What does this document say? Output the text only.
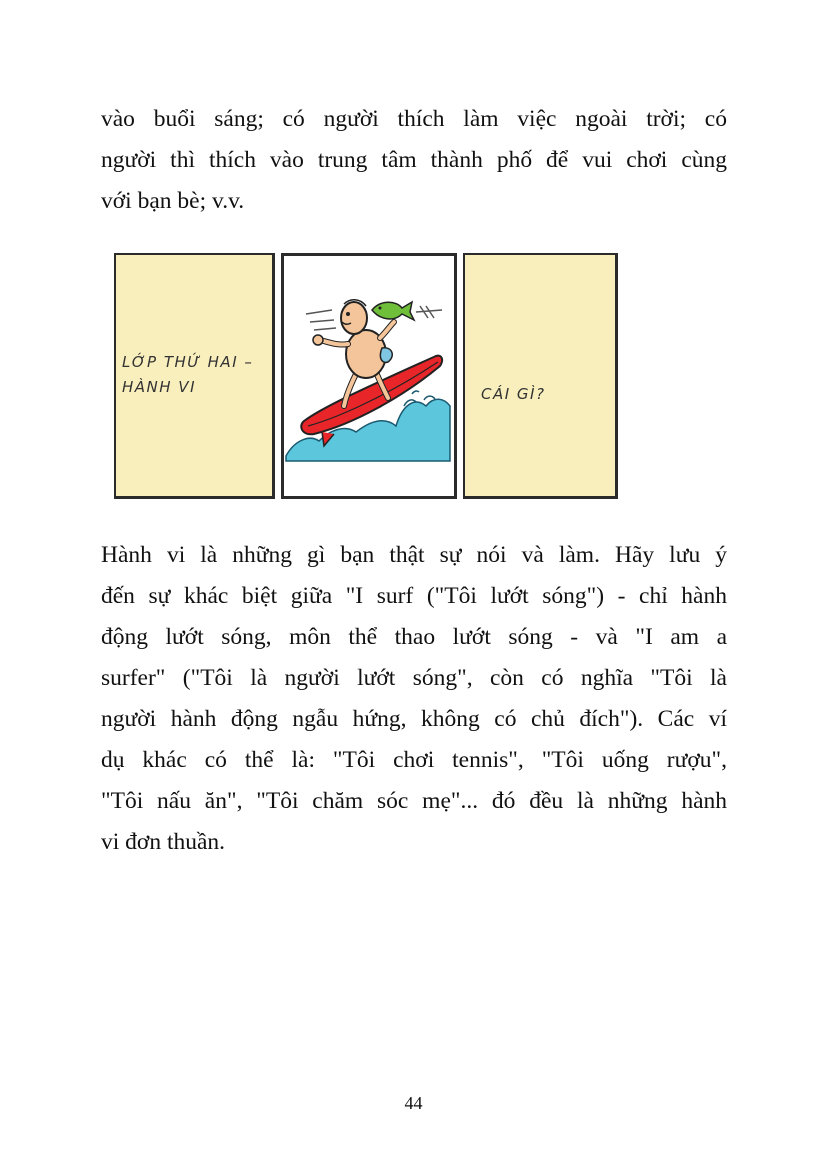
vào buổi sáng; có người thích làm việc ngoài trời; có
người thì thích vào trung tâm thành phố để vui chơi cùng
với bạn bè; v.v.
LỚP THỨ HAI –
HÀNH VI	CÁI GÌ?
Hành vi là những gì bạn thật sự nói và làm. Hãy lưu ý
đến sự khác biệt giữa "I surf ("Tôi lướt sóng") - chỉ hành
động lướt sóng, môn thể thao lướt sóng - và "I am a
surfer" ("Tôi là người lướt sóng", còn có nghĩa "Tôi là
người hành động ngẫu hứng, không có chủ đích"). Các ví
dụ khác có thể là: "Tôi chơi tennis", "Tôi uống rượu",
"Tôi nấu ăn", "Tôi chăm sóc mẹ"... đó đều là những hành
vi đơn thuần.
44
